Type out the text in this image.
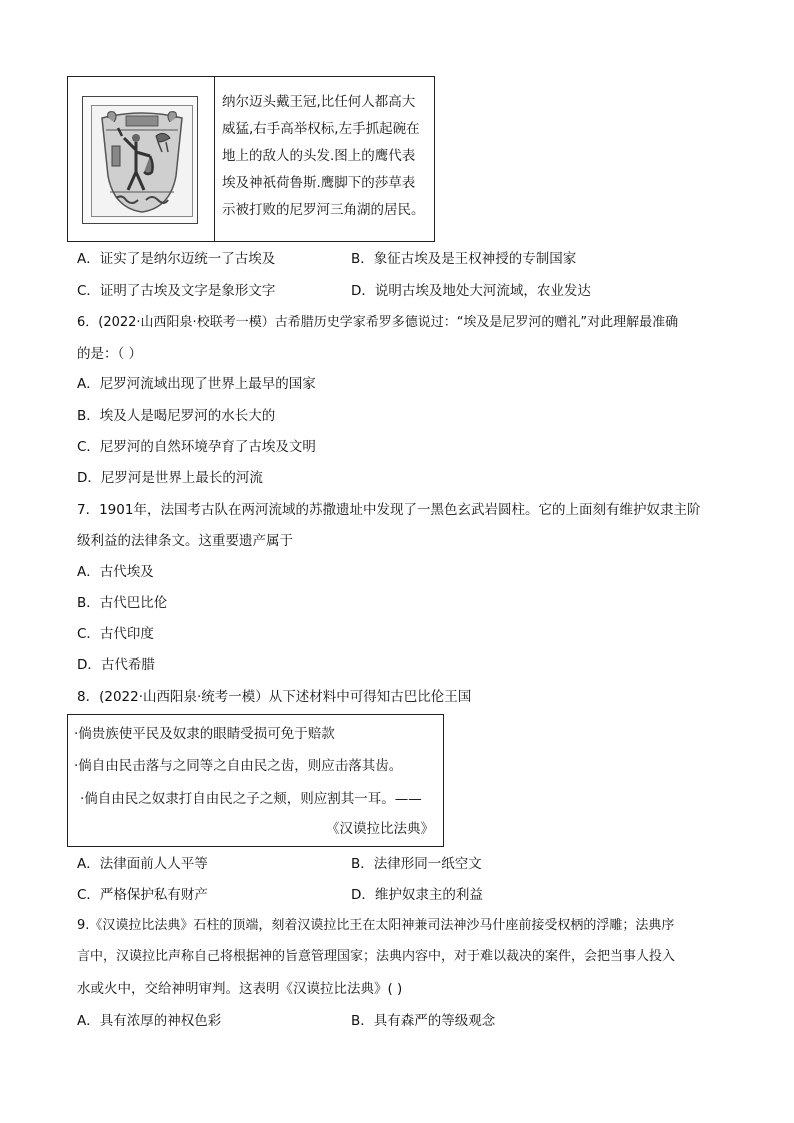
纳尔迈头戴王冠,比任何人都高大
威猛,右手高举权标,左手抓起碗在
地上的敌人的头发.图上的鹰代表
埃及神祇荷鲁斯.鹰脚下的莎草表
示被打败的尼罗河三角湖的居民。
A．证实了是纳尔迈统一了古埃及	B．象征古埃及是王权神授的专制国家
C．证明了古埃及文字是象形文字	D．说明古埃及地处大河流域，农业发达
6．(2022·山西阳泉·校联考一模）古希腊历史学家希罗多德说过：“埃及是尼罗河的赠礼”对此理解最准确
的是：（ ）
A．尼罗河流域出现了世界上最早的国家
B．埃及人是喝尼罗河的水长大的
C．尼罗河的自然环境孕育了古埃及文明
D．尼罗河是世界上最长的河流
7．1901年，法国考古队在两河流域的苏撒遗址中发现了一黑色玄武岩圆柱。它的上面刻有维护奴隶主阶
级利益的法律条文。这重要遗产属于
A．古代埃及
B．古代巴比伦
C．古代印度
D．古代希腊
8．(2022·山西阳泉·统考一模）从下述材料中可得知古巴比伦王国
·倘贵族使平民及奴隶的眼睛受损可免于赔款
·倘自由民击落与之同等之自由民之齿，则应击落其齿。
·倘自由民之奴隶打自由民之子之颊，则应割其一耳。——
《汉谟拉比法典》
A．法律面前人人平等	B．法律形同一纸空文
C．严格保护私有财产	D．维护奴隶主的利益
9.《汉谟拉比法典》石柱的顶端，刻着汉谟拉比王在太阳神兼司法神沙马什座前接受权柄的浮雕；法典序
言中，汉谟拉比声称自己将根据神的旨意管理国家；法典内容中，对于难以裁决的案件，会把当事人投入
水或火中，交给神明审判。这表明《汉谟拉比法典》( )
A．具有浓厚的神权色彩	B．具有森严的等级观念
